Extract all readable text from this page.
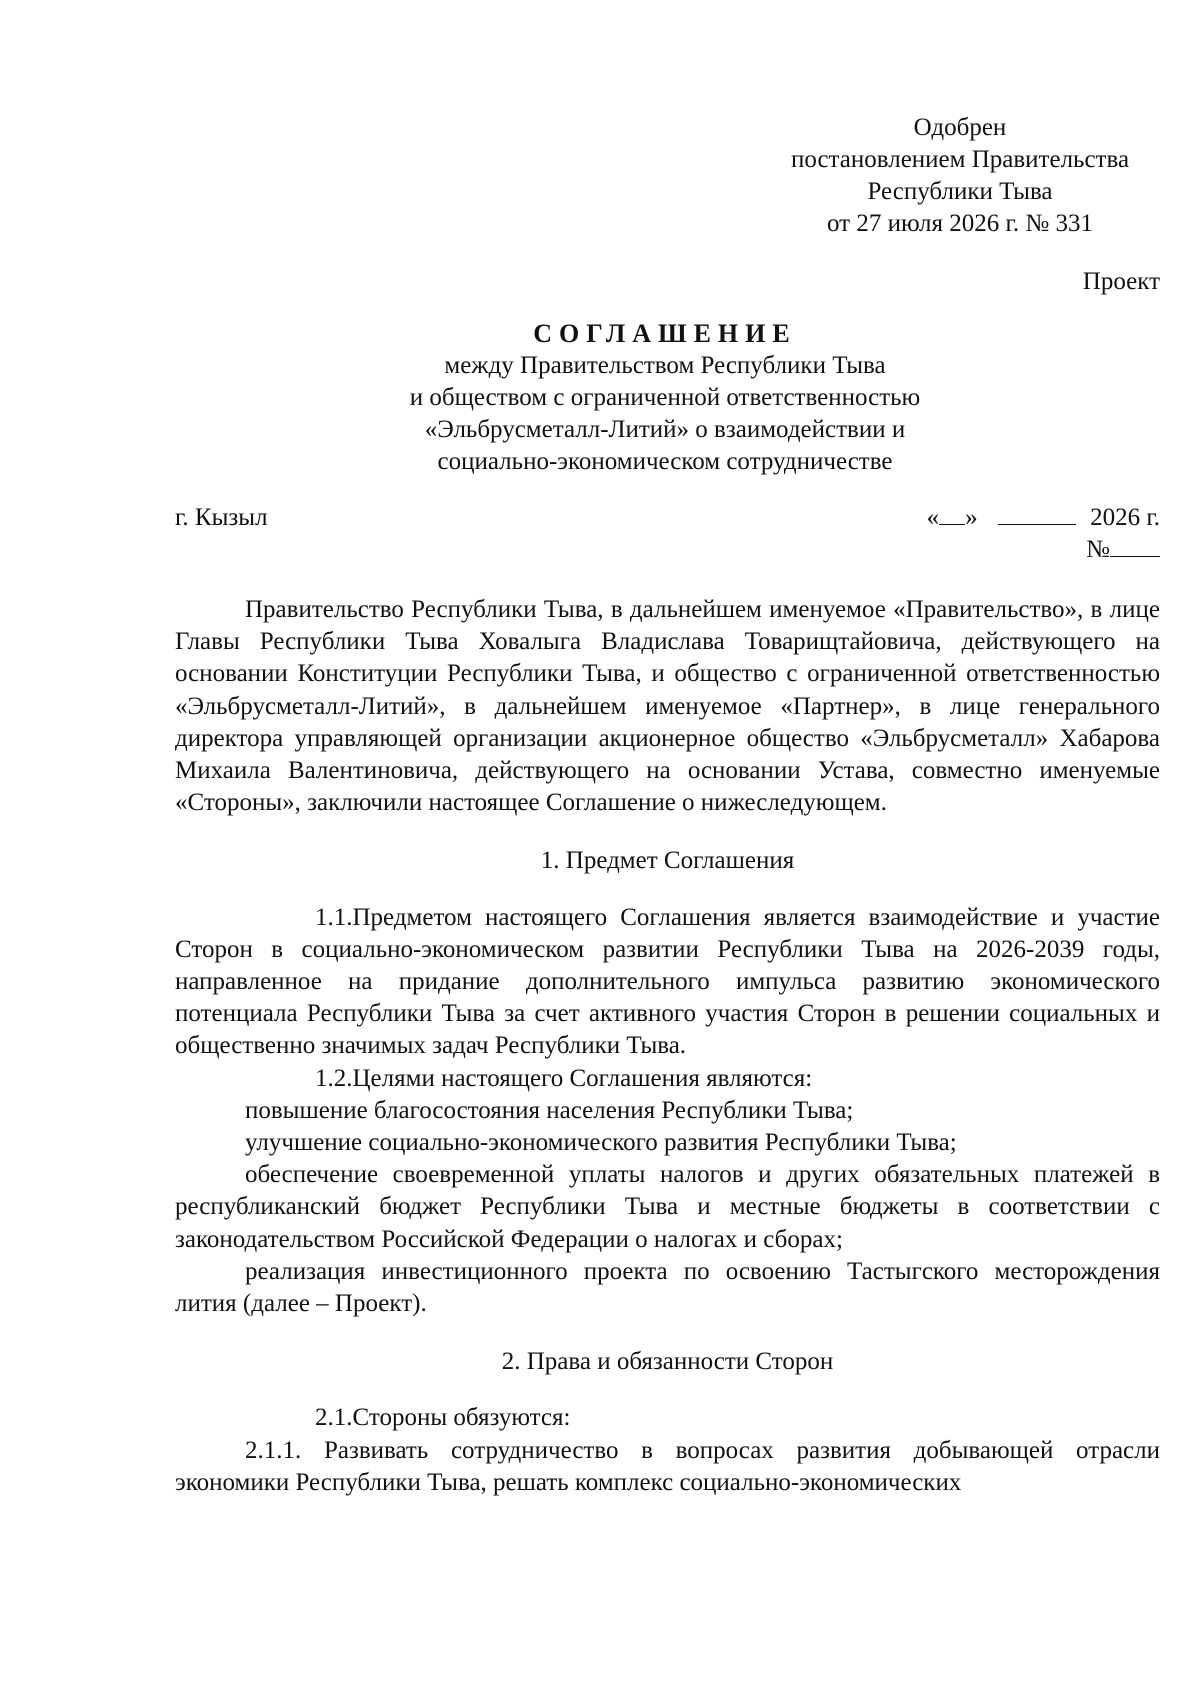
Одобрен
постановлением Правительства
Республики Тыва
от 27 июля 2026 г. № 331
Проект
СОГЛАШЕНИЕ
между Правительством Республики Тыва
и обществом с ограниченной ответственностью
«Эльбрусметалл-Литий» о взаимодействии и
социально-экономическом сотрудничестве
г. Кызыл	« »	2026 г.
№

Правительство Республики Тыва, в дальнейшем именуемое «Правительство», в лице Главы Республики Тыва Ховалыга Владислава Товарищтайовича, действующего на основании Конституции Республики Тыва, и общество с ограниченной ответственностью «Эльбрусметалл-Литий», в дальнейшем именуемое «Партнер», в лице генерального директора управляющей организации акционерное общество «Эльбрусметалл» Хабарова Михаила Валентиновича, действующего на основании Устава, совместно именуемые «Стороны», заключили настоящее Соглашение о нижеследующем.

1. Предмет Соглашения

1.1.Предметом настоящего Соглашения является взаимодействие и участие Сторон в социально-экономическом развитии Республики Тыва на 2026-2039 годы, направленное на придание дополнительного импульса развитию экономического потенциала Республики Тыва за счет активного участия Сторон в решении социальных и общественно значимых задач Республики Тыва.

1.2.Целями настоящего Соглашения являются:

повышение благосостояния населения Республики Тыва;

улучшение социально-экономического развития Республики Тыва;

обеспечение своевременной уплаты налогов и других обязательных платежей в республиканский бюджет Республики Тыва и местные бюджеты в соответствии с законодательством Российской Федерации о налогах и сборах;

реализация инвестиционного проекта по освоению Тастыгского месторождения лития (далее – Проект).

2. Права и обязанности Сторон

2.1.Стороны обязуются:

2.1.1. Развивать сотрудничество в вопросах развития добывающей отрасли экономики Республики Тыва, решать комплекс социально-экономических
